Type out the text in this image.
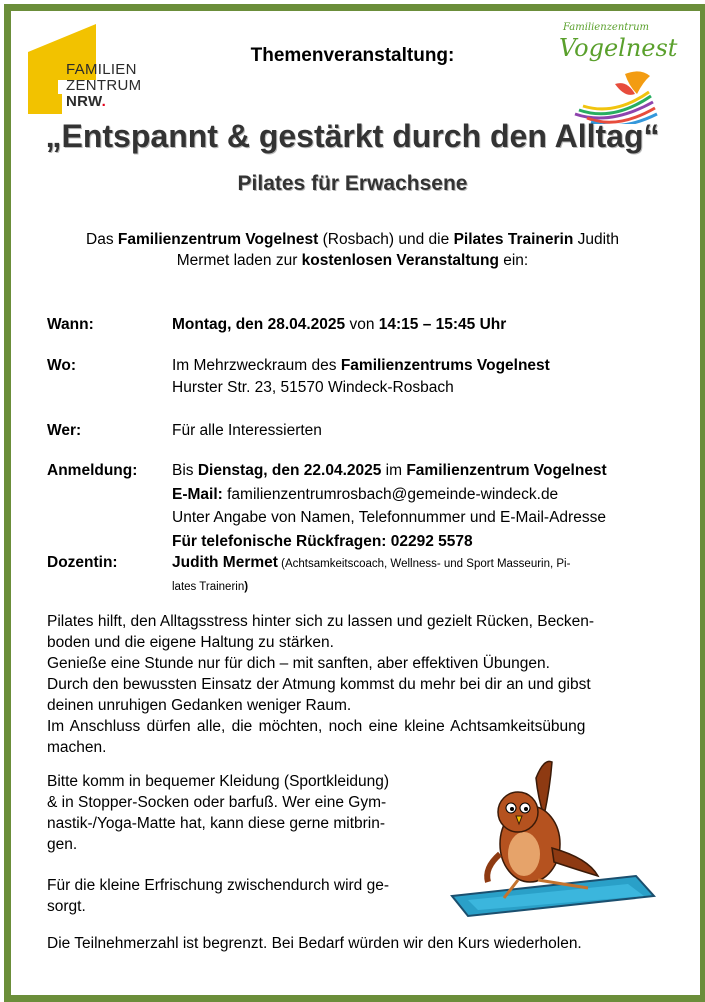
FAMILIEN
ZENTRUM
NRW.
Themenveranstaltung:
Familienzentrum
Vogelnest
„Entspannt & gestärkt durch den Alltag“
Pilates für Erwachsene
Das Familienzentrum Vogelnest (Rosbach) und die Pilates Trainerin Judith
Mermet laden zur kostenlosen Veranstaltung ein:
Wann:	Montag, den 28.04.2025 von 14:15 – 15:45 Uhr
Wo:	Im Mehrzweckraum des Familienzentrums Vogelnest
Hurster Str. 23, 51570 Windeck-Rosbach
Wer:	Für alle Interessierten
Anmeldung: Bis Dienstag, den 22.04.2025 im Familienzentrum Vogelnest
E-Mail: familienzentrumrosbach@gemeinde-windeck.de
Unter Angabe von Namen, Telefonnummer und E-Mail-Adresse
Für telefonische Rückfragen: 02292 5578
Dozentin:	Judith Mermet (Achtsamkeitscoach, Wellness- und Sport Masseurin, Pi-
lates Trainerin)
Pilates hilft, den Alltagsstress hinter sich zu lassen und gezielt Rücken, Becken-
boden und die eigene Haltung zu stärken.
Genieße eine Stunde nur für dich – mit sanften, aber effektiven Übungen.
Durch den bewussten Einsatz der Atmung kommst du mehr bei dir an und gibst
deinen unruhigen Gedanken weniger Raum.
Im Anschluss dürfen alle, die möchten, noch eine kleine Achtsamkeitsübung
machen.
Bitte komm in bequemer Kleidung (Sportkleidung)
& in Stopper-Socken oder barfuß. Wer eine Gym-
nastik-/Yoga-Matte hat, kann diese gerne mitbrin-
gen.
Für die kleine Erfrischung zwischendurch wird ge-
sorgt.
Die Teilnehmerzahl ist begrenzt. Bei Bedarf würden wir den Kurs wiederholen.
